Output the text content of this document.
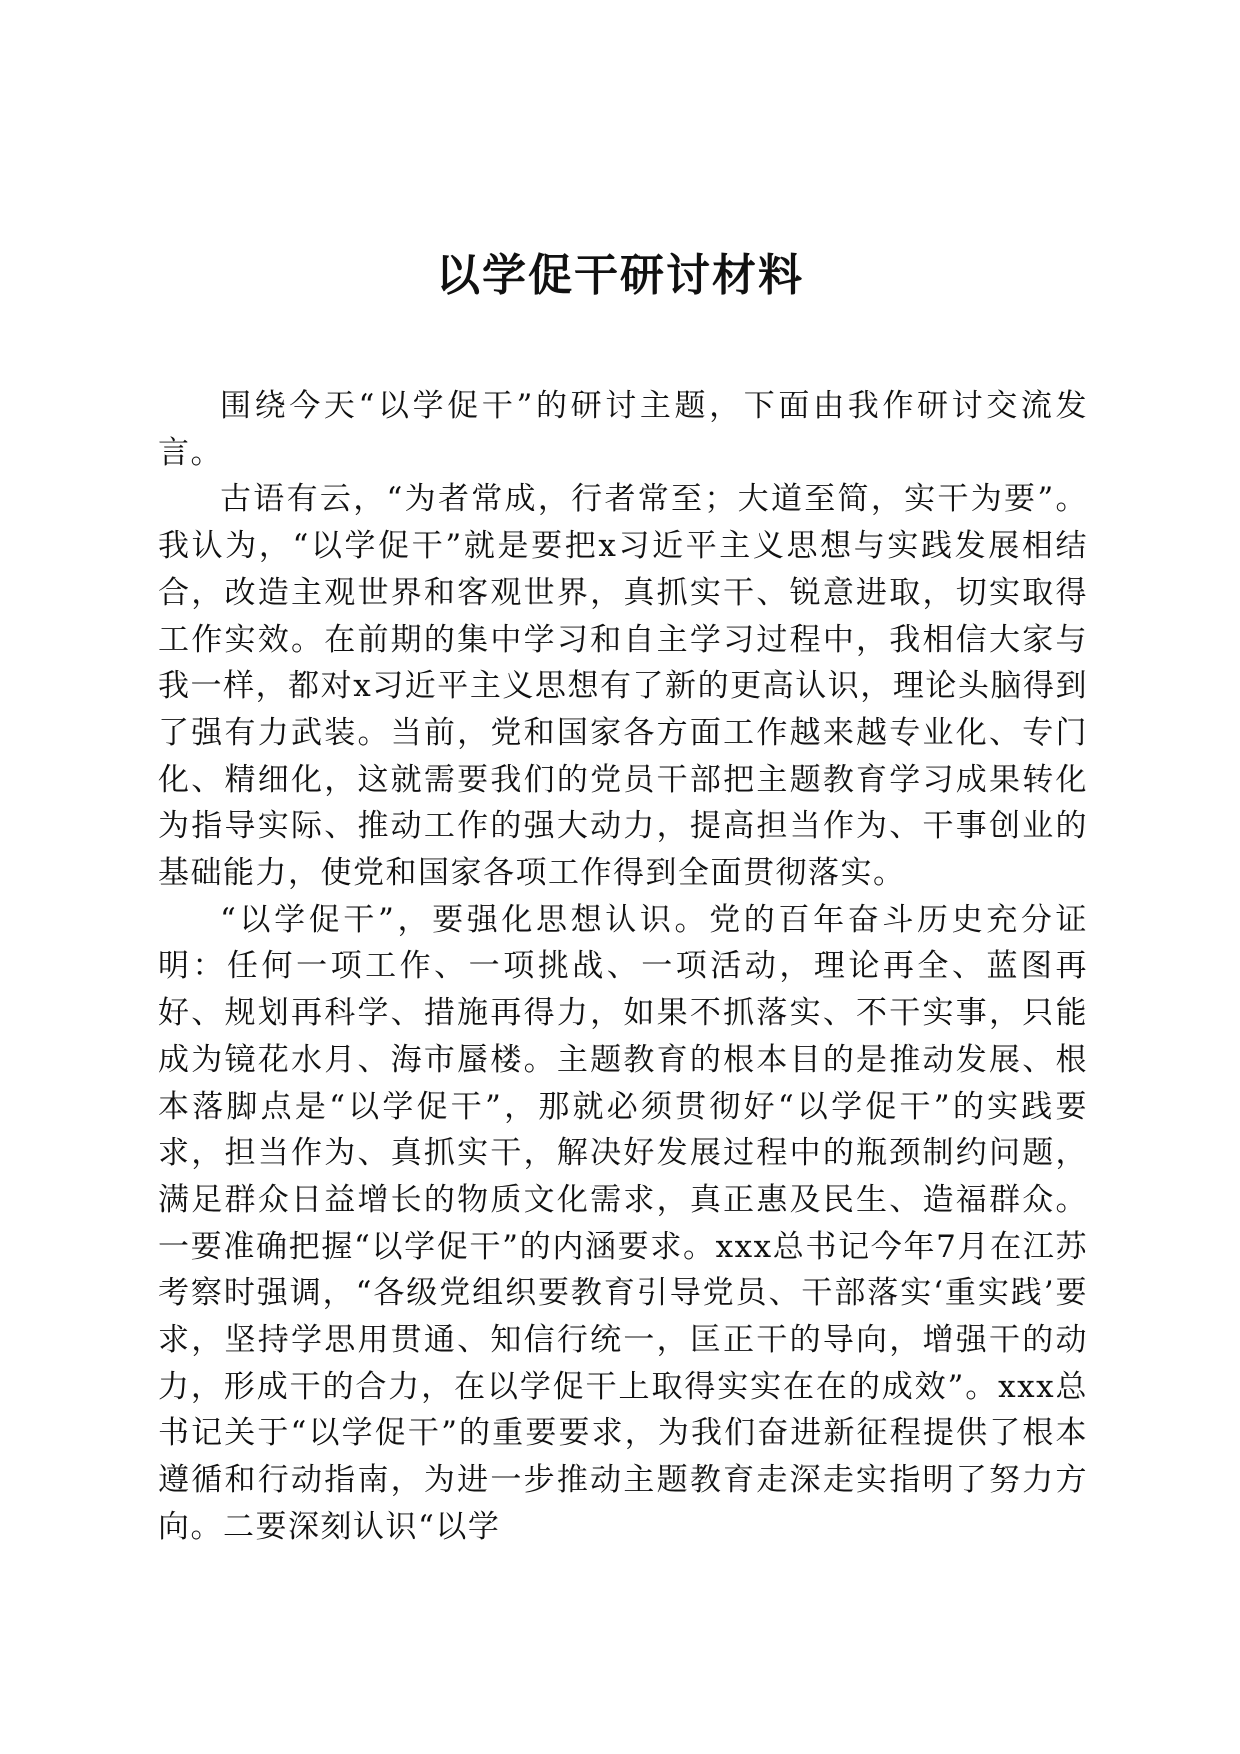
以学促干研讨材料

围绕今天“以学促干”的研讨主题，下面由我作研讨交流发言。

古语有云，“为者常成，行者常至；大道至简，实干为要”。我认为，“以学促干”就是要把x习近平主义思想与实践发展相结合，改造主观世界和客观世界，真抓实干、锐意进取，切实取得工作实效。在前期的集中学习和自主学习过程中，我相信大家与我一样，都对x习近平主义思想有了新的更高认识，理论头脑得到了强有力武装。当前，党和国家各方面工作越来越专业化、专门化、精细化，这就需要我们的党员干部把主题教育学习成果转化为指导实际、推动工作的强大动力，提高担当作为、干事创业的基础能力，使党和国家各项工作得到全面贯彻落实。

“以学促干”，要强化思想认识。党的百年奋斗历史充分证明：任何一项工作、一项挑战、一项活动，理论再全、蓝图再好、规划再科学、措施再得力，如果不抓落实、不干实事，只能成为镜花水月、海市蜃楼。主题教育的根本目的是推动发展、根本落脚点是“以学促干”，那就必须贯彻好“以学促干”的实践要求，担当作为、真抓实干，解决好发展过程中的瓶颈制约问题，满足群众日益增长的物质文化需求，真正惠及民生、造福群众。一要准确把握“以学促干”的内涵要求。xxx总书记今年7月在江苏考察时强调，“各级党组织要教育引导党员、干部落实‘重实践’要求，坚持学思用贯通、知信行统一，匡正干的导向，增强干的动力，形成干的合力，在以学促干上取得实实在在的成效”。xxx总书记关于“以学促干”的重要要求，为我们奋进新征程提供了根本遵循和行动指南，为进一步推动主题教育走深走实指明了努力方向。二要深刻认识“以学
